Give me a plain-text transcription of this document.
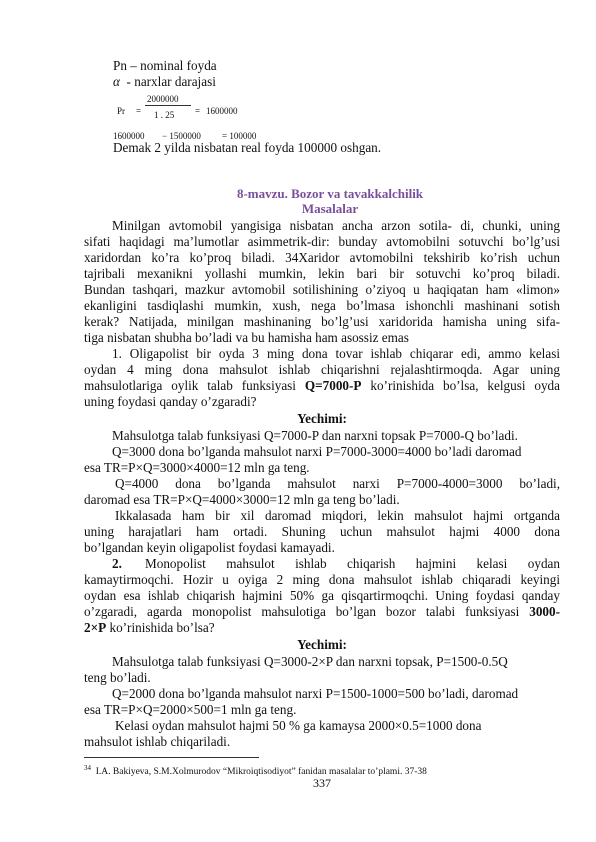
Pn – nominal foyda
α - narxlar darajasi
Pr =
2000000
1 . 25 = 1600000
1600000 − 1500000 = 100000
Demak 2 yilda nisbatan real foyda 100000 oshgan.
8-mavzu. Bozor va tavakkalchilik
Masalalar
Minilgan avtomobil yangisiga nisbatan ancha arzon sotila- di, chunki, uning
sifati haqidagi ma’lumotlar asimmetrik-dir: bunday avtomobilni sotuvchi bo’lg’usi
xaridordan ko’ra ko’proq biladi. 34Xaridor avtomobilni tekshirib ko’rish uchun
tajribali mexanikni yollashi mumkin, lekin bari bir sotuvchi ko’proq biladi.
Bundan tashqari, mazkur avtomobil sotilishining o’ziyoq u haqiqatan ham «limon»
ekanligini tasdiqlashi mumkin, xush, nega bo’lmasa ishonchli mashinani sotish
kerak? Natijada, minilgan mashinaning bo’lg’usi xaridorida hamisha uning sifa-
tiga nisbatan shubha bo’ladi va bu hamisha ham asossiz emas
1. Oligapolist bir oyda 3 ming dona tovar ishlab chiqarar edi, ammo kelasi
oydan 4 ming dona mahsulot ishlab chiqarishni rejalashtirmoqda. Agar uning
mahsulotlariga oylik talab funksiyasi Q=7000-P ko’rinishida bo’lsa, kelgusi oyda
uning foydasi qanday o’zgaradi?
Yechimi:
Mahsulotga talab funksiyasi Q=7000-P dan narxni topsak P=7000-Q bo’ladi.
Q=3000 dona bo’lganda mahsulot narxi P=7000-3000=4000 bo’ladi daromad
esa TR=P×Q=3000×4000=12 mln ga teng.
Q=4000 dona bo’lganda mahsulot narxi P=7000-4000=3000 bo’ladi,
daromad esa TR=P×Q=4000×3000=12 mln ga teng bo’ladi.
Ikkalasada ham bir xil daromad miqdori, lekin mahsulot hajmi ortganda
uning harajatlari ham ortadi. Shuning uchun mahsulot hajmi 4000 dona
bo’lgandan keyin oligapolist foydasi kamayadi.
2. Monopolist mahsulot ishlab chiqarish hajmini kelasi oydan
kamaytirmoqchi. Hozir u oyiga 2 ming dona mahsulot ishlab chiqaradi keyingi
oydan esa ishlab chiqarish hajmini 50% ga qisqartirmoqchi. Uning foydasi qanday
o’zgaradi, agarda monopolist mahsulotiga bo’lgan bozor talabi funksiyasi 3000-
2×P ko’rinishida bo’lsa?
Yechimi:
Mahsulotga talab funksiyasi Q=3000-2×P dan narxni topsak, P=1500-0.5Q
teng bo’ladi.
Q=2000 dona bo’lganda mahsulot narxi P=1500-1000=500 bo’ladi, daromad
esa TR=P×Q=2000×500=1 mln ga teng.
Kelasi oydan mahsulot hajmi 50 % ga kamaysa 2000×0.5=1000 dona
mahsulot ishlab chiqariladi.
$^{34}$ I.A. Bakiyeva, S.M.Xolmurodov “Mikroiqtisodiyot” fanidan masalalar to’plami. 37-38
337
